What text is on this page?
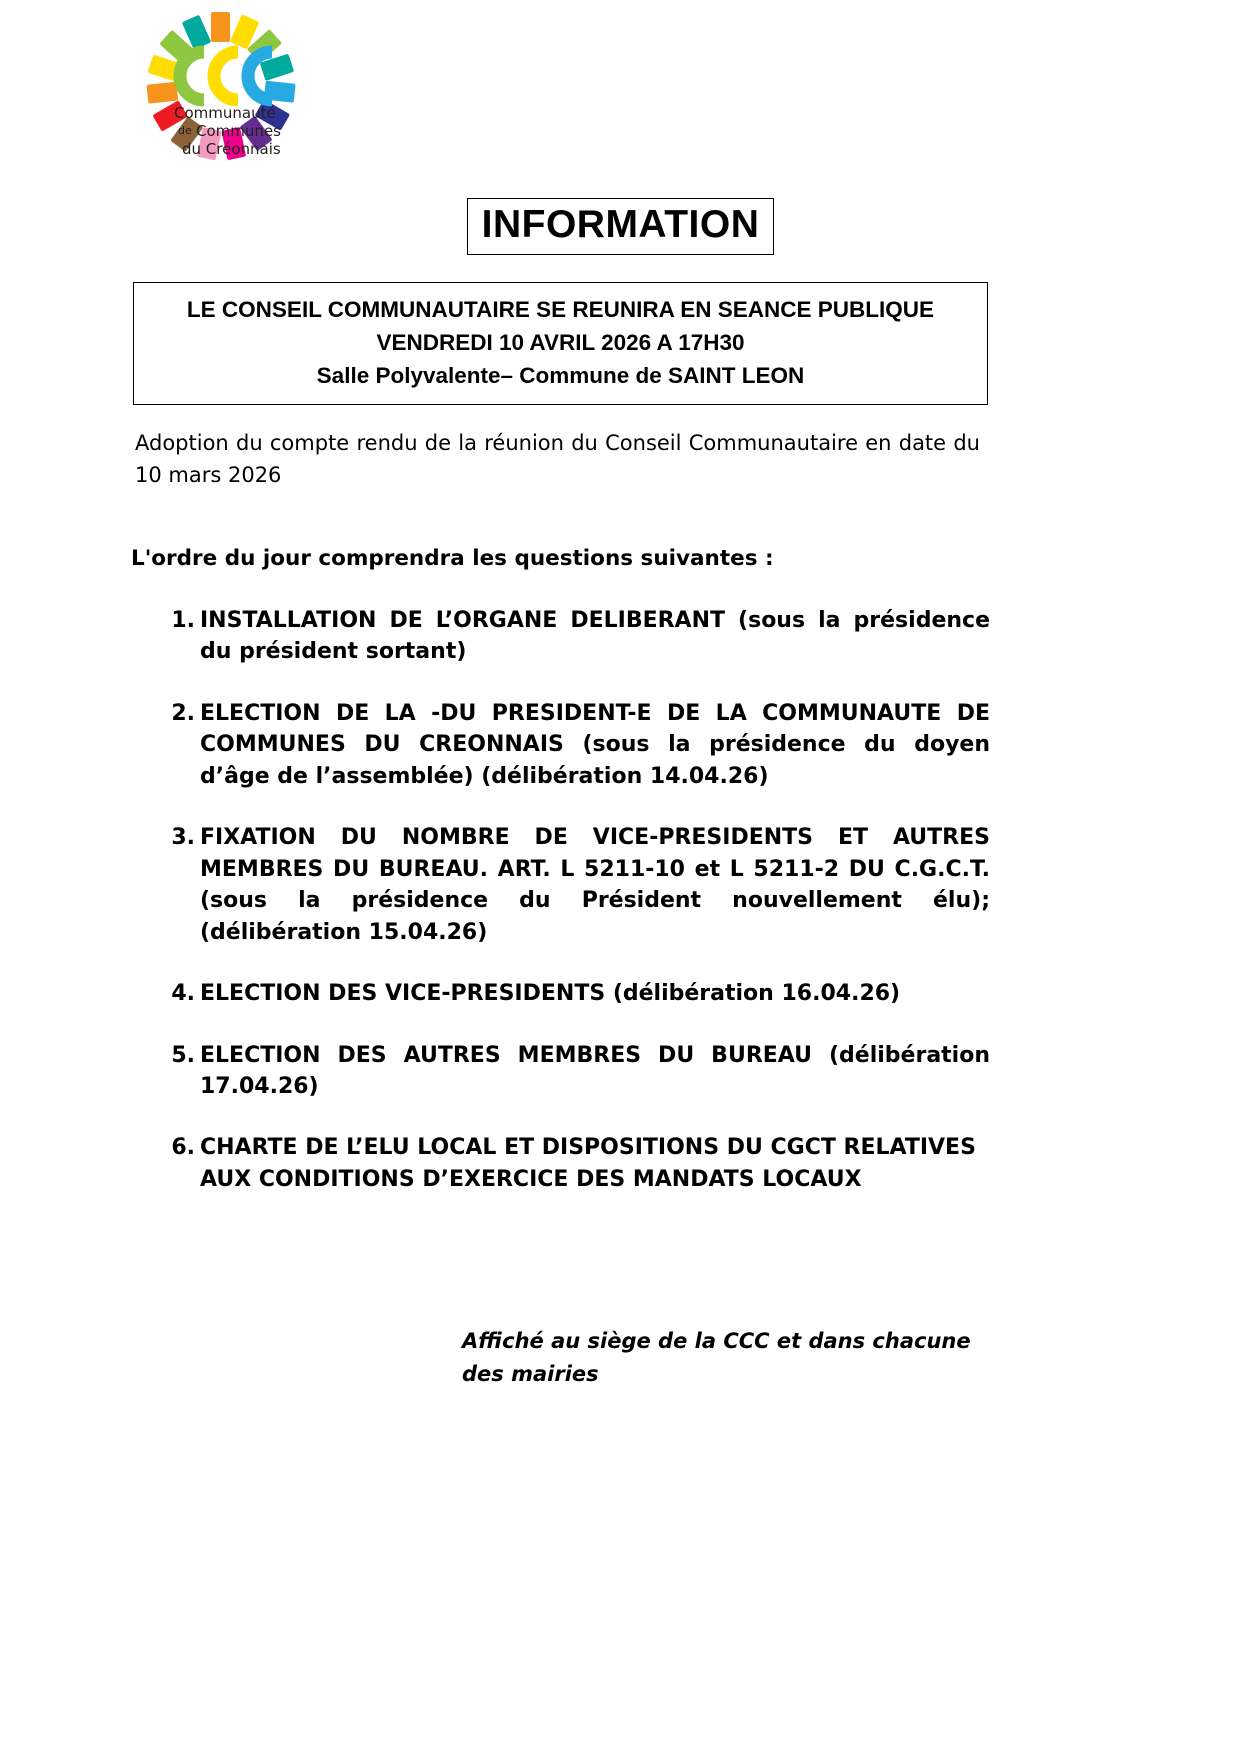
Communauté
de Communes
du Créonnais
INFORMATION
LE CONSEIL COMMUNAUTAIRE SE REUNIRA EN SEANCE PUBLIQUE
VENDREDI 10 AVRIL 2026 A 17H30
Salle Polyvalente– Commune de SAINT LEON
Adoption du compte rendu de la réunion du Conseil Communautaire en date du 10 mars 2026
L'ordre du jour comprendra les questions suivantes :
1. INSTALLATION DE L’ORGANE DELIBERANT (sous la présidence du président sortant)
2. ELECTION DE LA -DU PRESIDENT-E DE LA COMMUNAUTE DE COMMUNES DU CREONNAIS (sous la présidence du doyen d’âge de l’assemblée) (délibération 14.04.26)
3. FIXATION DU NOMBRE DE VICE-PRESIDENTS ET AUTRES MEMBRES DU BUREAU. ART. L 5211-10 et L 5211-2 DU C.G.C.T. (sous la présidence du Président nouvellement élu); (délibération 15.04.26)
4. ELECTION DES VICE-PRESIDENTS (délibération 16.04.26)
5. ELECTION DES AUTRES MEMBRES DU BUREAU (délibération 17.04.26)
6. CHARTE DE L’ELU LOCAL ET DISPOSITIONS DU CGCT RELATIVES AUX CONDITIONS D’EXERCICE DES MANDATS LOCAUX
Affiché au siège de la CCC et dans chacune des mairies
